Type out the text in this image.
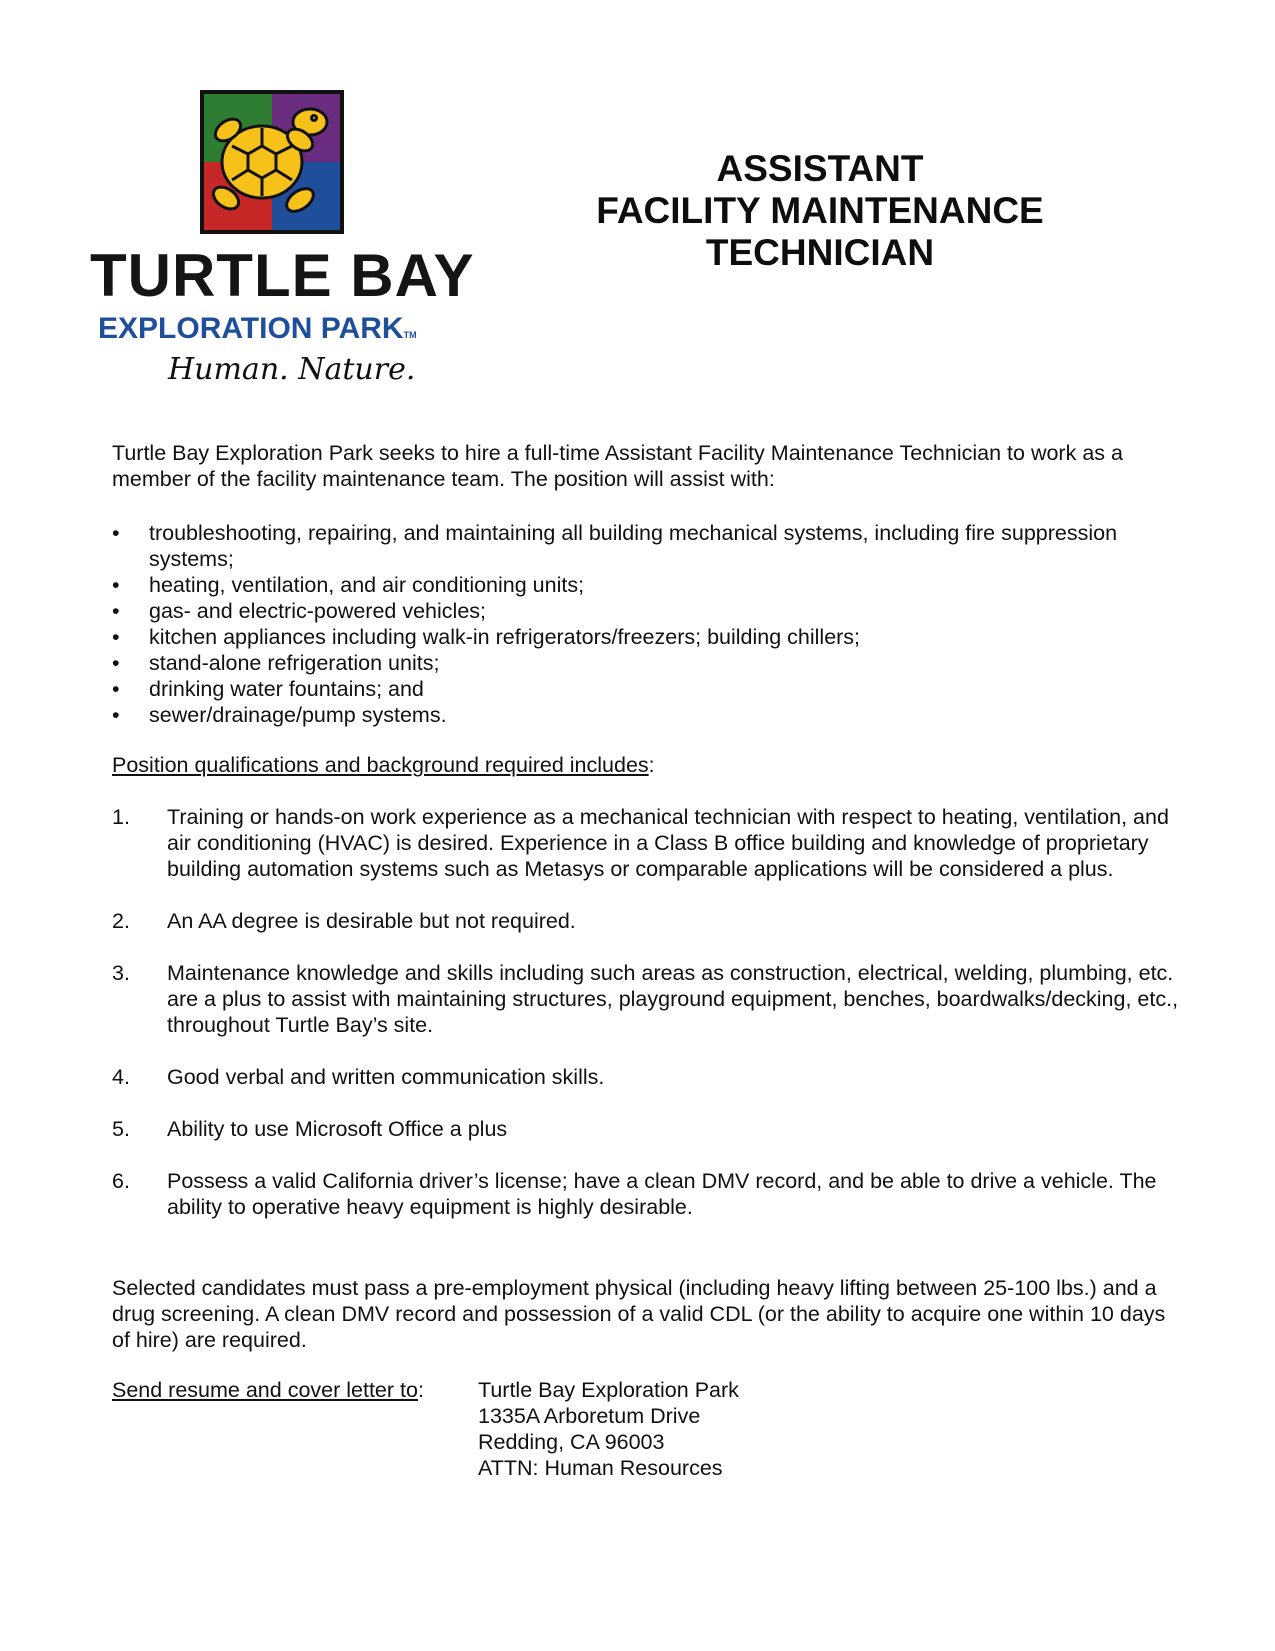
TURTLE BAY
EXPLORATION PARKTM
Human. Nature.
ASSISTANT
FACILITY MAINTENANCE
TECHNICIAN
Turtle Bay Exploration Park seeks to hire a full-time Assistant Facility Maintenance Technician to work as a member of the facility maintenance team. The position will assist with:
• troubleshooting, repairing, and maintaining all building mechanical systems, including fire suppression systems;
• heating, ventilation, and air conditioning units;
• gas- and electric-powered vehicles;
• kitchen appliances including walk-in refrigerators/freezers; building chillers;
• stand-alone refrigeration units;
• drinking water fountains; and
• sewer/drainage/pump systems.
Position qualifications and background required includes:
1. Training or hands-on work experience as a mechanical technician with respect to heating, ventilation, and air conditioning (HVAC) is desired. Experience in a Class B office building and knowledge of proprietary building automation systems such as Metasys or comparable applications will be considered a plus.
2. An AA degree is desirable but not required.
3. Maintenance knowledge and skills including such areas as construction, electrical, welding, plumbing, etc. are a plus to assist with maintaining structures, playground equipment, benches, boardwalks/decking, etc., throughout Turtle Bay’s site.
4. Good verbal and written communication skills.
5. Ability to use Microsoft Office a plus
6. Possess a valid California driver’s license; have a clean DMV record, and be able to drive a vehicle. The ability to operative heavy equipment is highly desirable.
Selected candidates must pass a pre-employment physical (including heavy lifting between 25-100 lbs.) and a drug screening. A clean DMV record and possession of a valid CDL (or the ability to acquire one within 10 days of hire) are required.
Send resume and cover letter to:	Turtle Bay Exploration Park
1335A Arboretum Drive
Redding, CA 96003
ATTN: Human Resources
